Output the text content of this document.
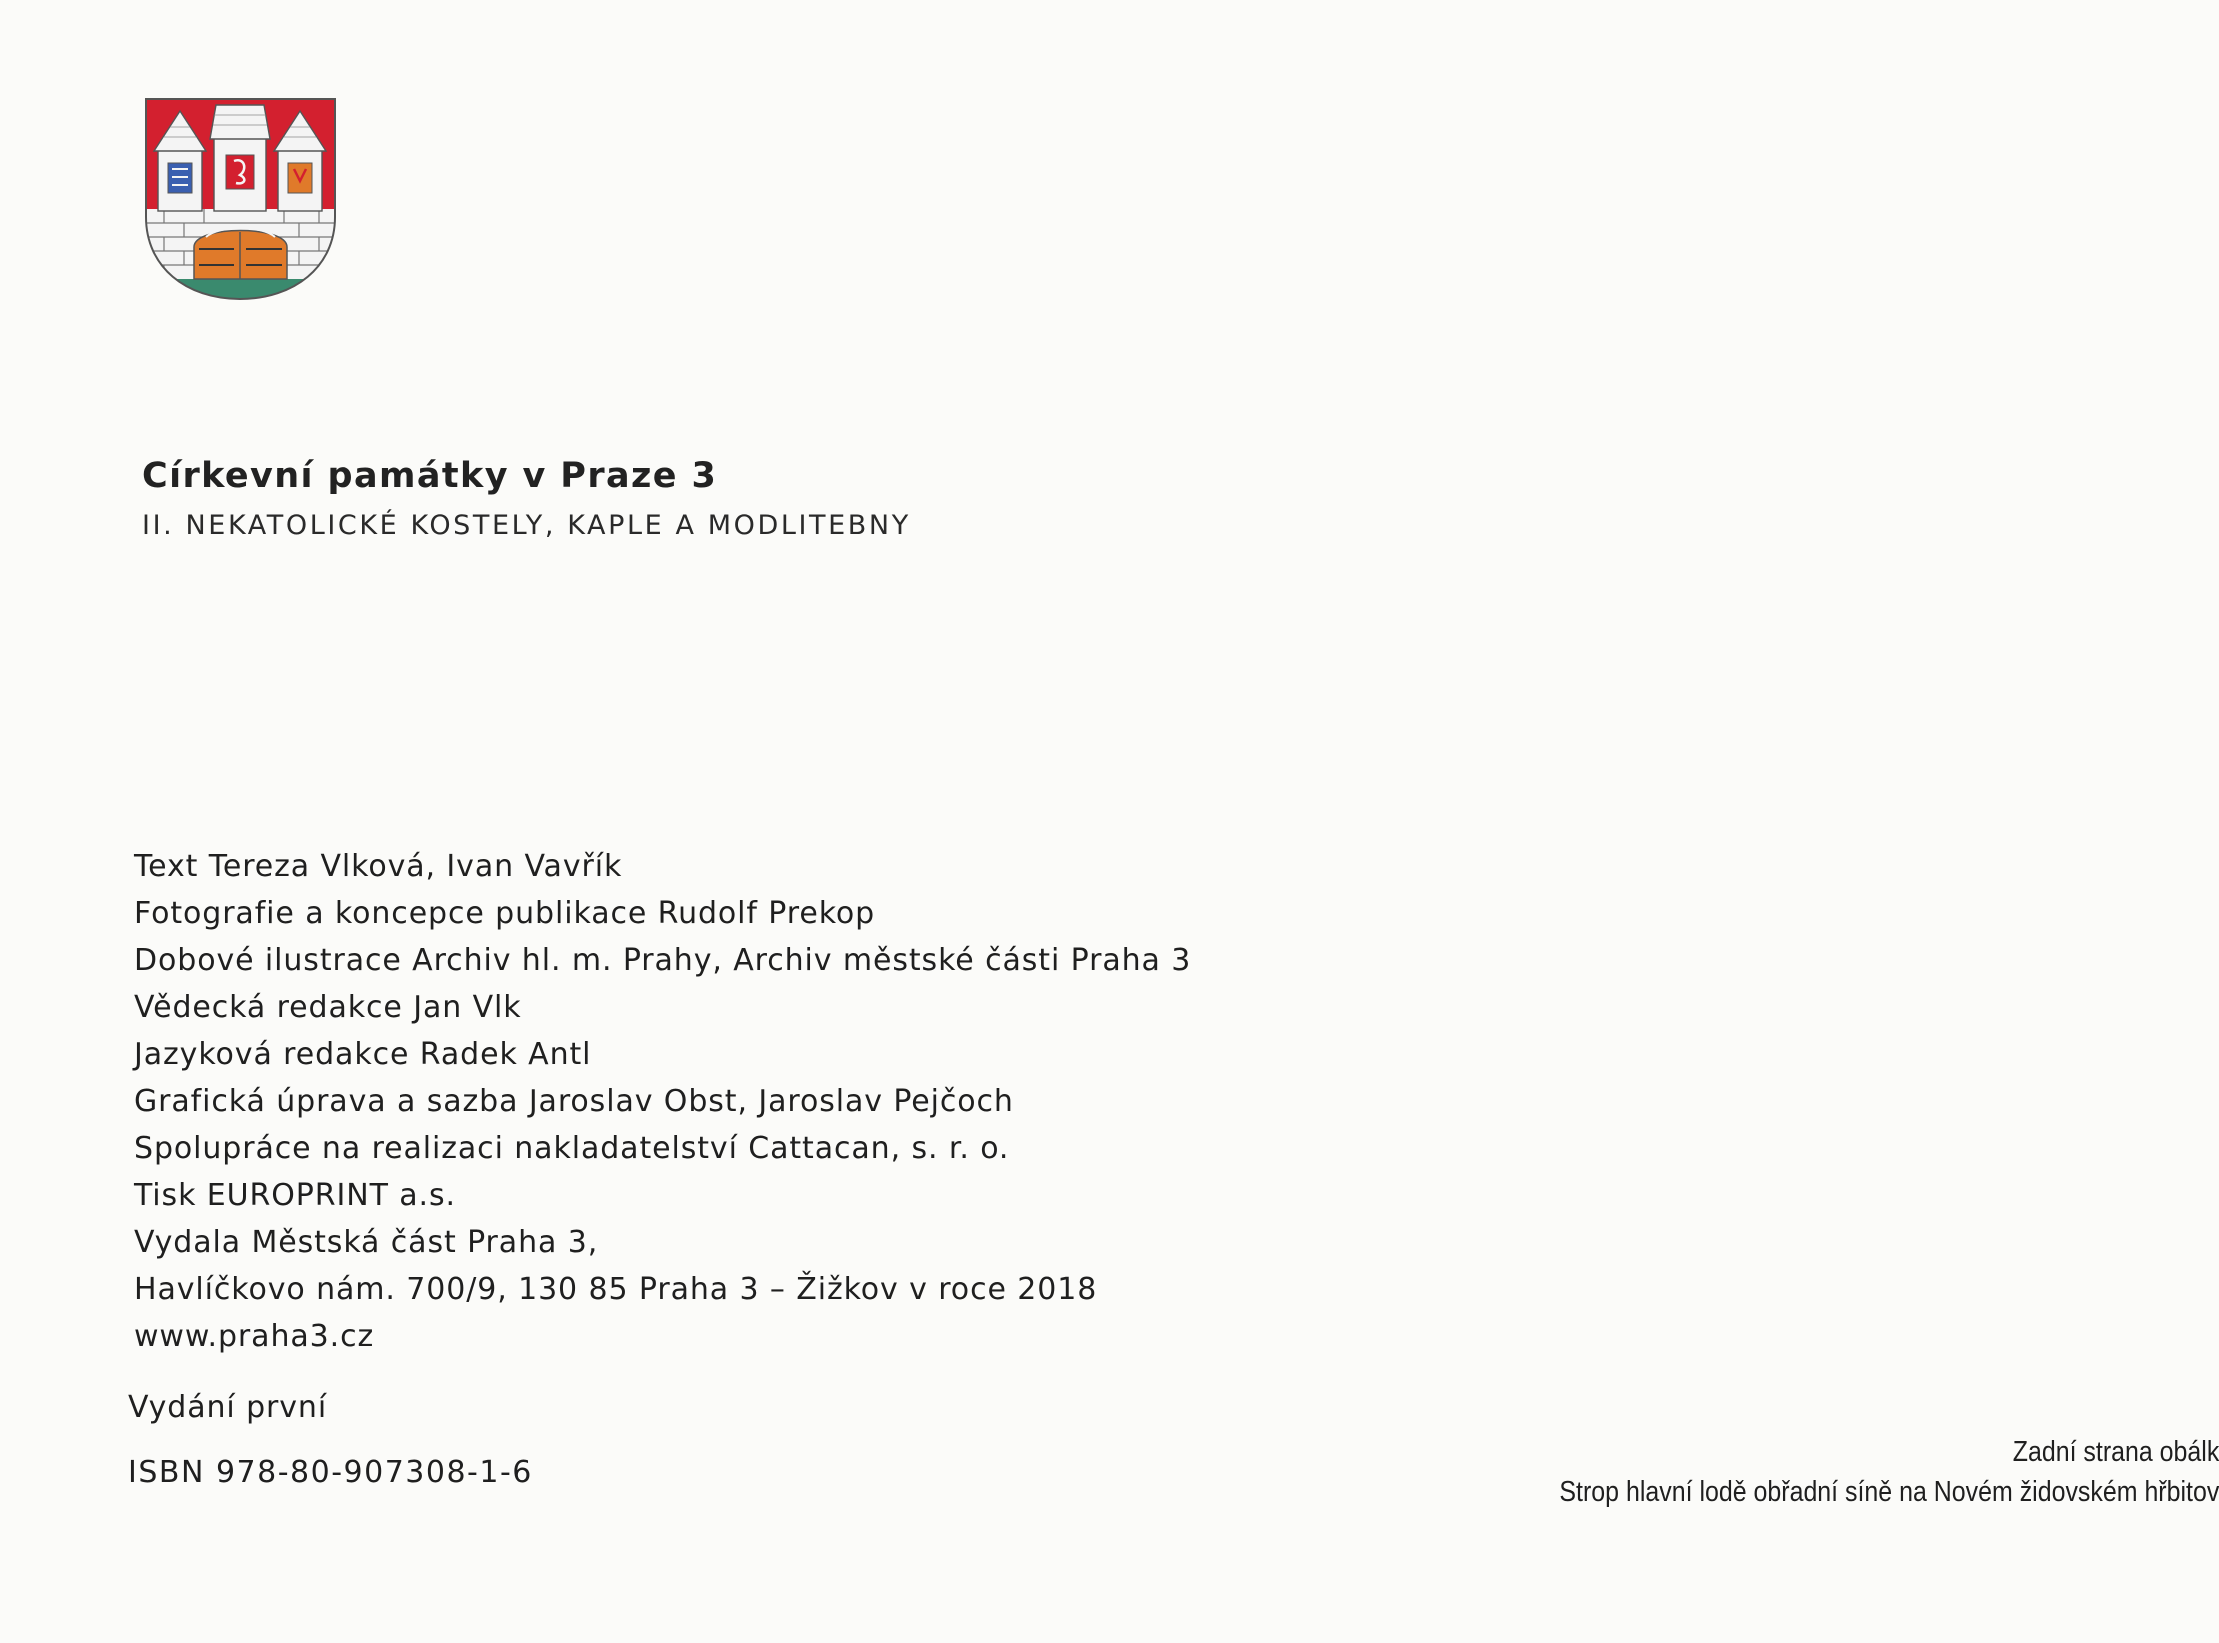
Církevní památky v Praze 3
II. NEKATOLICKÉ KOSTELY, KAPLE A MODLITEBNY
Text Tereza Vlková, Ivan Vavřík
Fotografie a koncepce publikace Rudolf Prekop
Dobové ilustrace Archiv hl. m. Prahy, Archiv městské části Praha 3
Vědecká redakce Jan Vlk
Jazyková redakce Radek Antl
Grafická úprava a sazba Jaroslav Obst, Jaroslav Pejčoch
Spolupráce na realizaci nakladatelství Cattacan, s. r. o.
Tisk EUROPRINT a.s.
Vydala Městská část Praha 3,
Havlíčkovo nám. 700/9, 130 85 Praha 3 – Žižkov v roce 2018
www.praha3.cz
Vydání první
ISBN 978-80-907308-1-6
Zadní strana obálk
Strop hlavní lodě obřadní síně na Novém židovském hřbitov
